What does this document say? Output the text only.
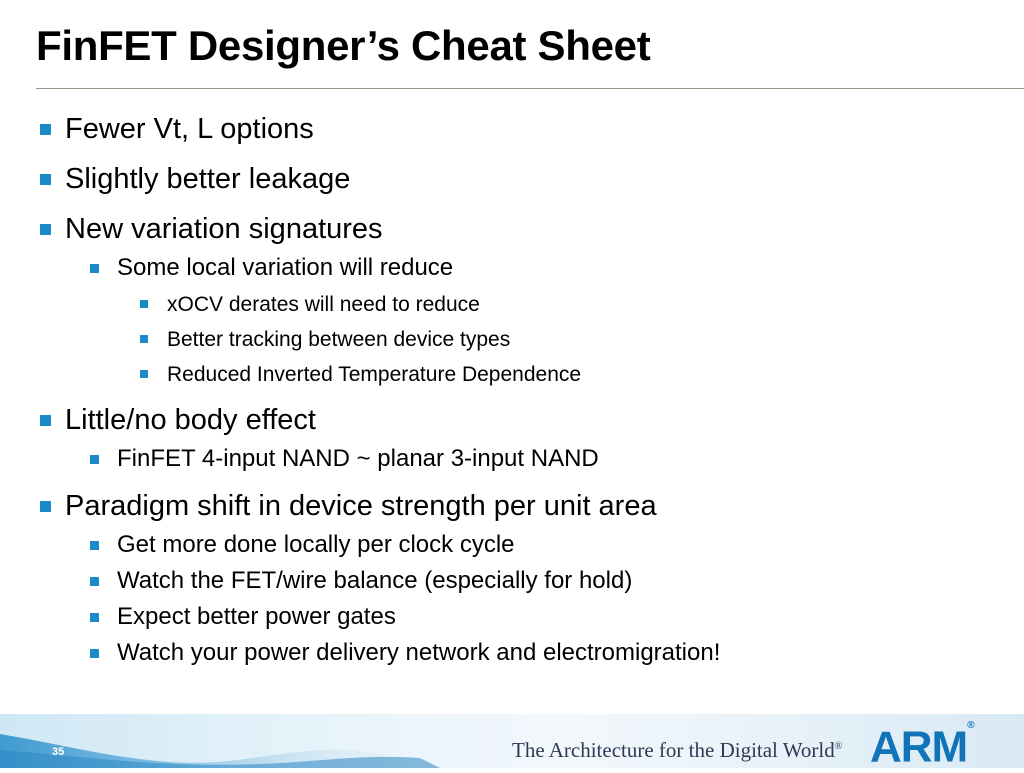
FinFET Designer’s Cheat Sheet
Fewer Vt, L options
Slightly better leakage
New variation signatures
Some local variation will reduce
xOCV derates will need to reduce
Better tracking between device types
Reduced Inverted Temperature Dependence
Little/no body effect
FinFET 4-input NAND ~ planar 3-input NAND
Paradigm shift in device strength per unit area
Get more done locally per clock cycle
Watch the FET/wire balance (especially for hold)
Expect better power gates
Watch your power delivery network and electromigration!
35	The Architecture for the Digital World® ARM®
